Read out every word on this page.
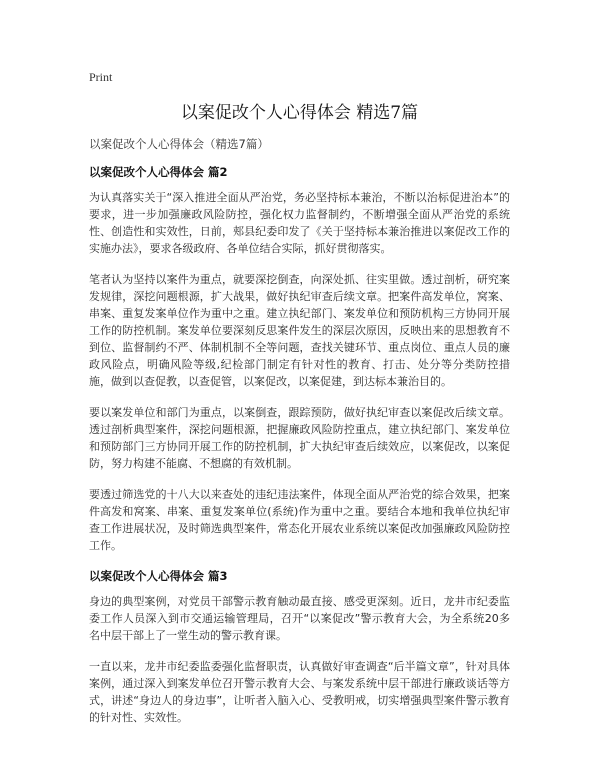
Print
以案促改个人心得体会 精选7篇
以案促改个人心得体会（精选7篇）
以案促改个人心得体会 篇2

为认真落实关于“深入推进全面从严治党，务必坚持标本兼治，不断以治标促进治本”的要求，进一步加强廉政风险防控，强化权力监督制约，不断增强全面从严治党的系统性、创造性和实效性，日前，郏县纪委印发了《关于坚持标本兼治推进以案促改工作的实施办法》，要求各级政府、各单位结合实际，抓好贯彻落实。

笔者认为坚持以案件为重点，就要深挖倒查，向深处抓、往实里做。透过剖析，研究案发规律，深挖问题根源，扩大战果，做好执纪审查后续文章。把案件高发单位，窝案、串案、重复发案单位作为重中之重。建立执纪部门、案发单位和预防机构三方协同开展工作的防控机制。案发单位要深刻反思案件发生的深层次原因，反映出来的思想教育不到位、监督制约不严、体制机制不全等问题，查找关键环节、重点岗位、重点人员的廉政风险点，明确风险等级,纪检部门制定有针对性的教育、打击、处分等分类防控措施，做到以查促教，以查促管，以案促改，以案促建，到达标本兼治目的。

要以案发单位和部门为重点，以案倒查，跟踪预防，做好执纪审查以案促改后续文章。透过剖析典型案件，深挖问题根源，把握廉政风险防控重点，建立执纪部门、案发单位和预防部门三方协同开展工作的防控机制，扩大执纪审查后续效应，以案促改，以案促防，努力构建不能腐、不想腐的有效机制。

要透过筛选党的十八大以来查处的违纪违法案件，体现全面从严治党的综合效果，把案件高发和窝案、串案、重复发案单位(系统)作为重中之重。要结合本地和我单位执纪审查工作进展状况，及时筛选典型案件，常态化开展农业系统以案促改加强廉政风险防控工作。

以案促改个人心得体会 篇3

身边的典型案例，对党员干部警示教育触动最直接、感受更深刻。近日，龙井市纪委监委工作人员深入到市交通运输管理局，召开“以案促改”警示教育大会，为全系统20多名中层干部上了一堂生动的警示教育课。

一直以来，龙井市纪委监委强化监督职责，认真做好审查调查“后半篇文章”，针对具体案例，通过深入到案发单位召开警示教育大会、与案发系统中层干部进行廉政谈话等方式，讲述“身边人的身边事”，让听者入脑入心、受教明戒，切实增强典型案件警示教育的针对性、实效性。
